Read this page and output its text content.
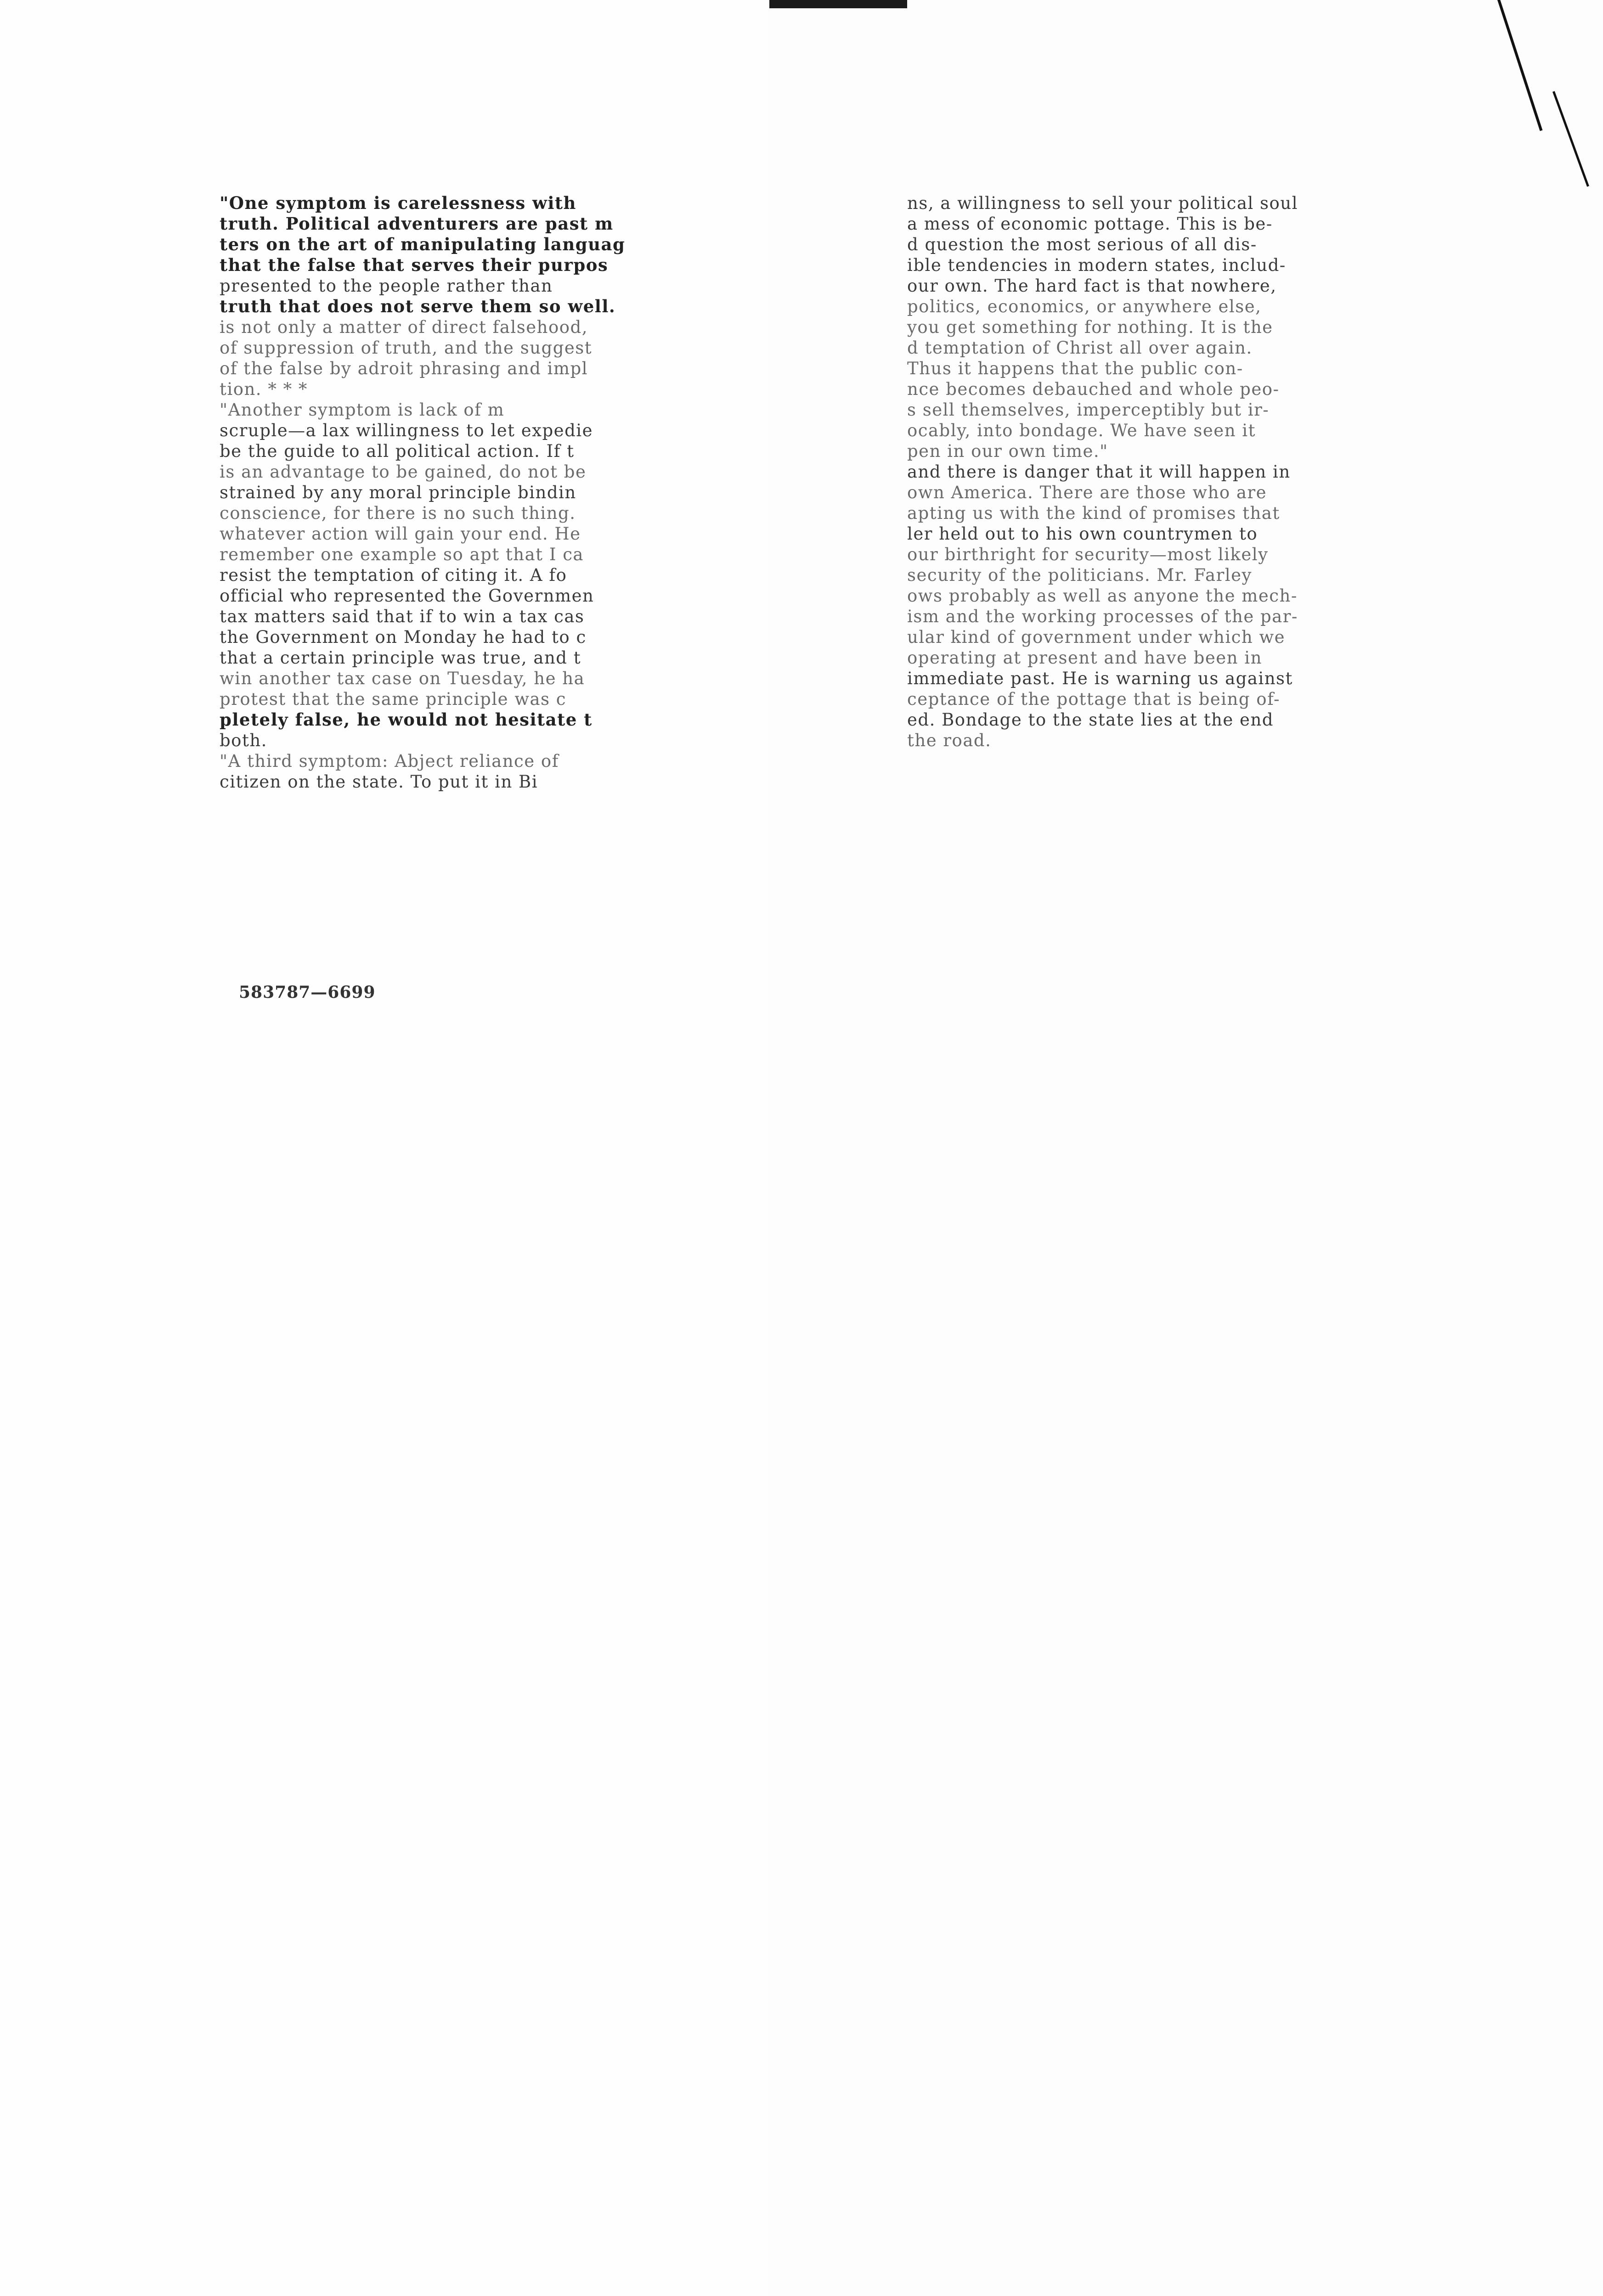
"One symptom is carelessness with
truth. Political adventurers are past m
ters on the art of manipulating languag
that the false that serves their purpos
presented to the people rather than
truth that does not serve them so well.
is not only a matter of direct falsehood,
of suppression of truth, and the suggest
of the false by adroit phrasing and impl
tion. * * *
"Another symptom is lack of m
scruple—a lax willingness to let expedie
be the guide to all political action. If t
is an advantage to be gained, do not be
strained by any moral principle bindin
conscience, for there is no such thing.
whatever action will gain your end. He
remember one example so apt that I ca
resist the temptation of citing it. A fo
official who represented the Governmen
tax matters said that if to win a tax cas
the Government on Monday he had to c
that a certain principle was true, and t
win another tax case on Tuesday, he ha
protest that the same principle was c
pletely false, he would not hesitate t
both.
"A third symptom: Abject reliance of
citizen on the state. To put it in Bi
583787—6699
ns, a willingness to sell your political soul
a mess of economic pottage. This is be-
d question the most serious of all dis-
ible tendencies in modern states, includ-
our own. The hard fact is that nowhere,
politics, economics, or anywhere else,
you get something for nothing. It is the
d temptation of Christ all over again.
Thus it happens that the public con-
nce becomes debauched and whole peo-
s sell themselves, imperceptibly but ir-
ocably, into bondage. We have seen it
pen in our own time."
and there is danger that it will happen in
own America. There are those who are
apting us with the kind of promises that
ler held out to his own countrymen to
our birthright for security—most likely
security of the politicians. Mr. Farley
ows probably as well as anyone the mech-
ism and the working processes of the par-
ular kind of government under which we
operating at present and have been in
immediate past. He is warning us against
ceptance of the pottage that is being of-
ed. Bondage to the state lies at the end
the road.
